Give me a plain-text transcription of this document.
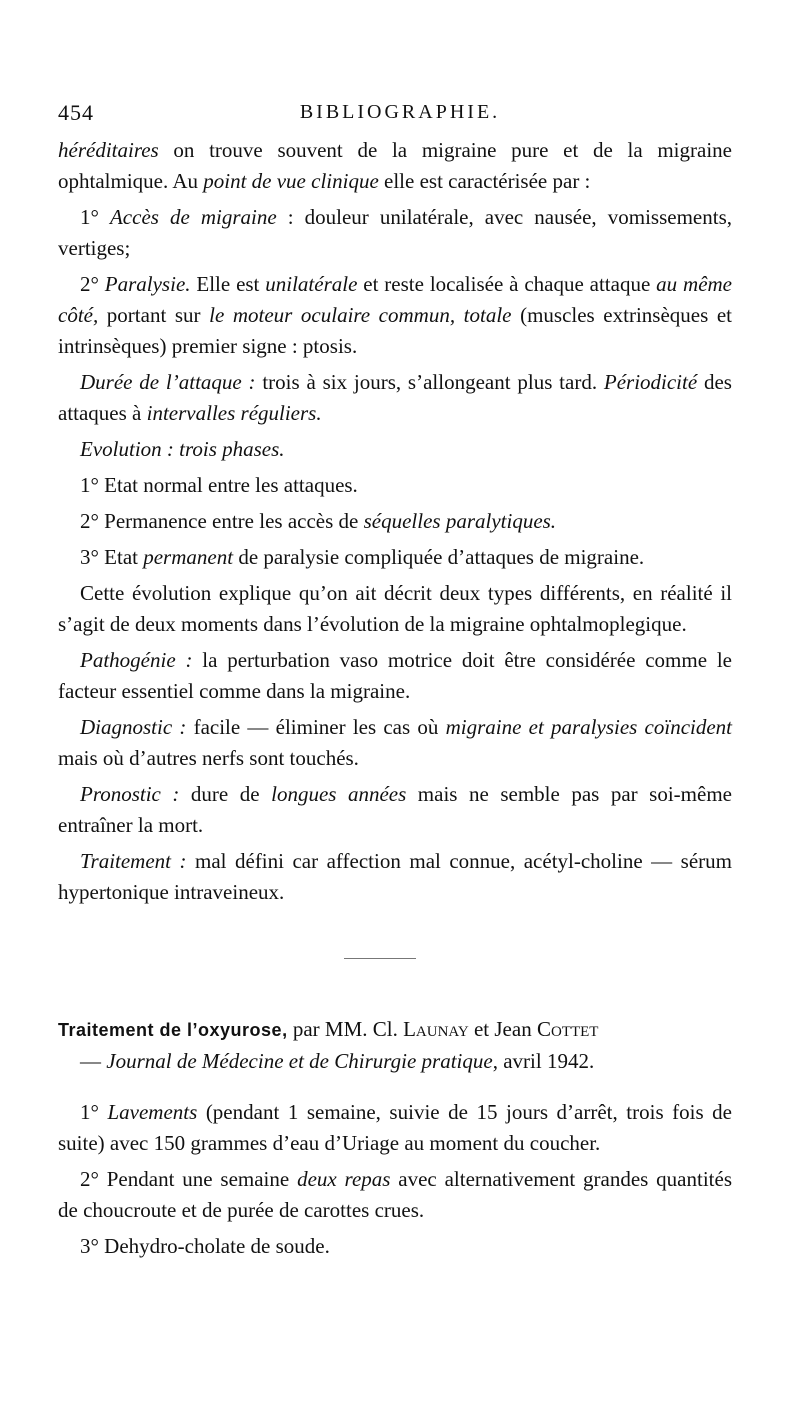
454	BIBLIOGRAPHIE.

héréditaires on trouve souvent de la migraine pure et de la migraine ophtalmique. Au point de vue clinique elle est caractérisée par :

1° Accès de migraine : douleur unilatérale, avec nausée, vomissements, vertiges;

2° Paralysie. Elle est unilatérale et reste localisée à chaque attaque au même côté, portant sur le moteur oculaire commun, totale (muscles extrinsèques et intrinsèques) premier signe : ptosis.

Durée de l’attaque : trois à six jours, s’allongeant plus tard. Périodicité des attaques à intervalles réguliers.

Evolution : trois phases.

1° Etat normal entre les attaques.

2° Permanence entre les accès de séquelles paralytiques.

3° Etat permanent de paralysie compliquée d’attaques de migraine.

Cette évolution explique qu’on ait décrit deux types différents, en réalité il s’agit de deux moments dans l’évolution de la migraine ophtalmoplegique.

Pathogénie : la perturbation vaso motrice doit être considérée comme le facteur essentiel comme dans la migraine.

Diagnostic : facile — éliminer les cas où migraine et paralysies coïncident mais où d’autres nerfs sont touchés.

Pronostic : dure de longues années mais ne semble pas par soi-même entraîner la mort.

Traitement : mal défini car affection mal connue, acétyl-choline — sérum hypertonique intraveineux.

Traitement de l’oxyurose, par MM. Cl. Launay et Jean Cottet
— Journal de Médecine et de Chirurgie pratique, avril 1942.

1° Lavements (pendant 1 semaine, suivie de 15 jours d’arrêt, trois fois de suite) avec 150 grammes d’eau d’Uriage au moment du coucher.

2° Pendant une semaine deux repas avec alternativement grandes quantités de choucroute et de purée de carottes crues.

3° Dehydro-cholate de soude.
